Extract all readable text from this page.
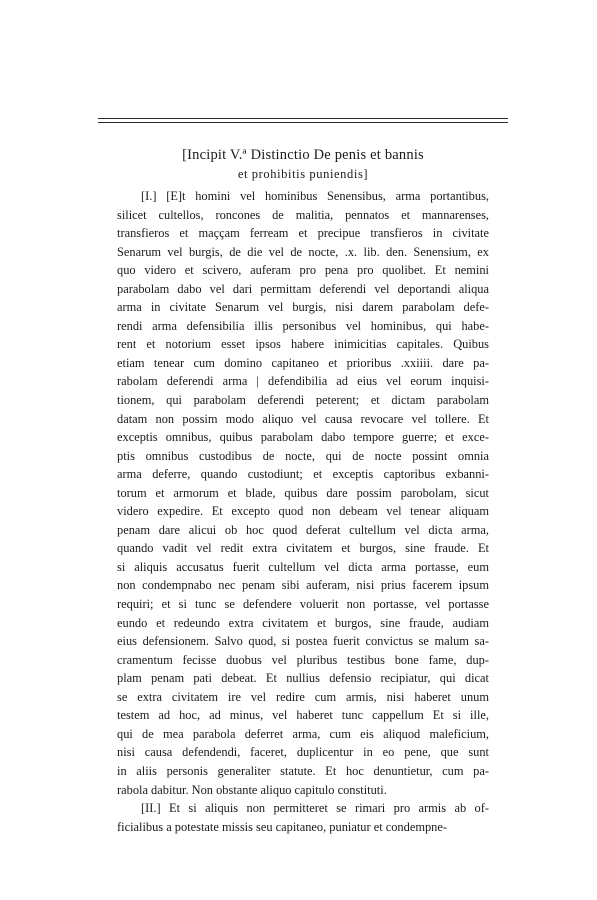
[Incipit V.ª Distinctio De penis et bannis
et prohibitis puniendis]
[I.] [E]t homini vel hominibus Senensibus, arma portantibus,
silicet cultellos, roncones de malitia, pennatos et mannarenses,
transfieros et maççam ferream et precipue transfieros in civitate
Senarum vel burgis, de die vel de nocte, .x. lib. den. Senensium, ex
quo videro et scivero, auferam pro pena pro quolibet. Et nemini
parabolam dabo vel dari permittam deferendi vel deportandi aliqua
arma in civitate Senarum vel burgis, nisi darem parabolam defe-
rendi arma defensibilia illis personibus vel hominibus, qui habe-
rent et notorium esset ipsos habere inimicitias capitales. Quibus
etiam tenear cum domino capitaneo et prioribus .xxiiii. dare pa-
rabolam deferendi arma | defendibilia ad eius vel eorum inquisi-
tionem, qui parabolam deferendi peterent; et dictam parabolam
datam non possim modo aliquo vel causa revocare vel tollere. Et
exceptis omnibus, quibus parabolam dabo tempore guerre; et exce-
ptis omnibus custodibus de nocte, qui de nocte possint omnia
arma deferre, quando custodiunt; et exceptis captoribus exbanni-
torum et armorum et blade, quibus dare possim parobolam, sicut
videro expedire. Et excepto quod non debeam vel tenear aliquam
penam dare alicui ob hoc quod deferat cultellum vel dicta arma,
quando vadit vel redit extra civitatem et burgos, sine fraude. Et
si aliquis accusatus fuerit cultellum vel dicta arma portasse, eum
non condempnabo nec penam sibi auferam, nisi prius facerem ipsum
requiri; et si tunc se defendere voluerit non portasse, vel portasse
eundo et redeundo extra civitatem et burgos, sine fraude, audiam
eius defensionem. Salvo quod, si postea fuerit convictus se malum sa-
cramentum fecisse duobus vel pluribus testibus bone fame, dup-
plam penam pati debeat. Et nullius defensio recipiatur, qui dicat
se extra civitatem ire vel redire cum armis, nisi haberet unum
testem ad hoc, ad minus, vel haberet tunc cappellum Et si ille,
qui de mea parabola deferret arma, cum eis aliquod maleficium,
nisi causa defendendi, faceret, duplicentur in eo pene, que sunt
in aliis personis generaliter statute. Et hoc denuntietur, cum pa-
rabola dabitur. Non obstante aliquo capitulo constituti.
[II.] Et si aliquis non permitteret se rimari pro armis ab of-
ficialibus a potestate missis seu capitaneo, puniatur et condempne-
